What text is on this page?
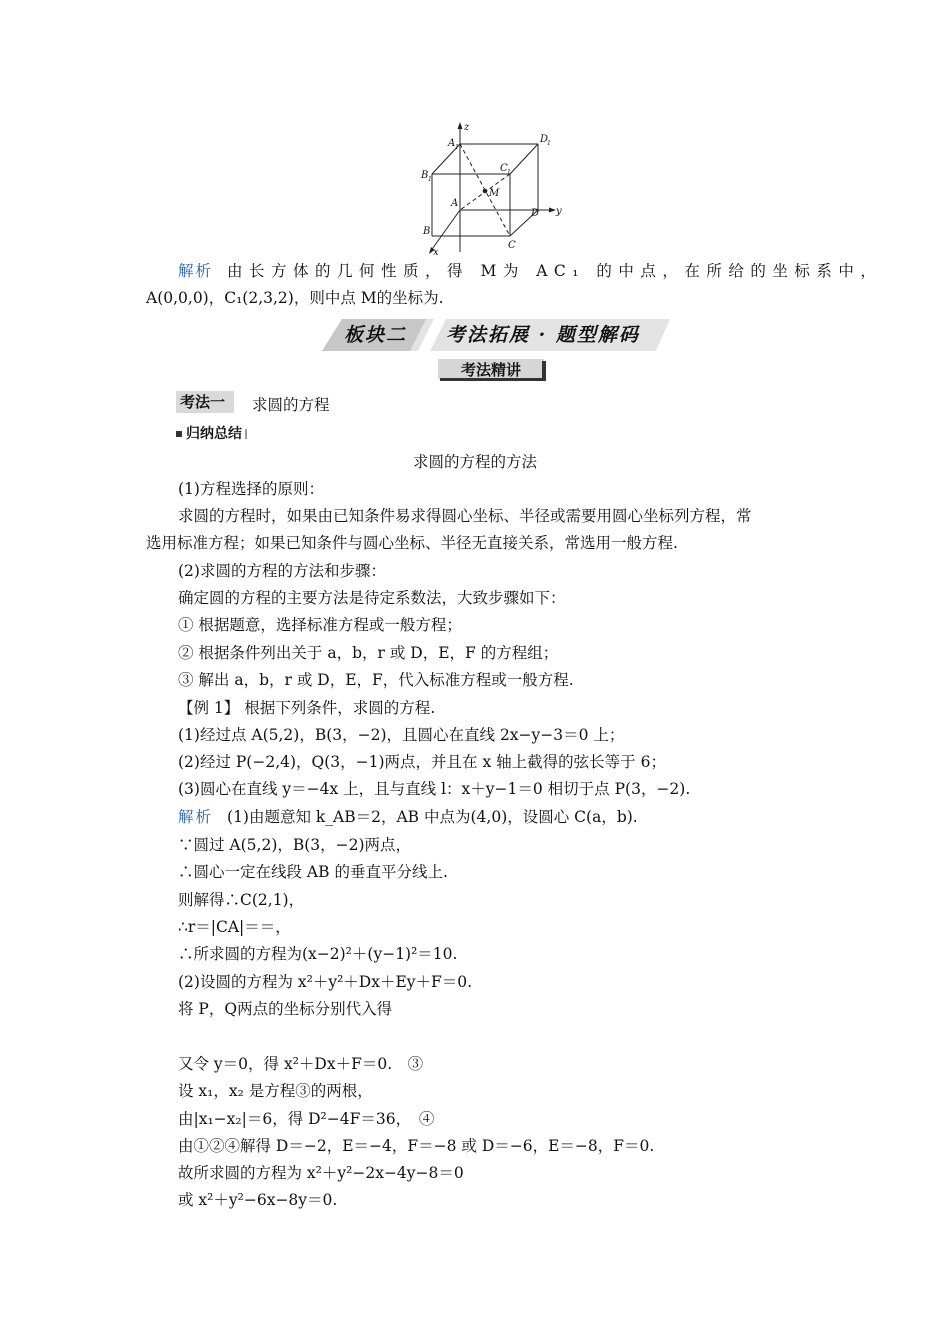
z
y
x
A 1
D
1
B 1
C 1
M
A
D
B
C
解析 由长方体的几何性质，得 M为 AC₁ 的中点，在所给的坐标系中，
A(0,0,0)，C₁(2,3,2)，则中点 M的坐标为.
板块二 考法拓展 · 题型解码
考法精讲
考法一	求圆的方程
归纳总结
求圆的方程的方法
(1)方程选择的原则：
求圆的方程时，如果由已知条件易求得圆心坐标、半径或需要用圆心坐标列方程，常
选用标准方程；如果已知条件与圆心坐标、半径无直接关系，常选用一般方程.
(2)求圆的方程的方法和步骤：
确定圆的方程的主要方法是待定系数法，大致步骤如下：
① 根据题意，选择标准方程或一般方程；
② 根据条件列出关于 a，b，r 或 D，E，F 的方程组；
③ 解出 a，b，r 或 D，E，F，代入标准方程或一般方程.
【例 1】 根据下列条件，求圆的方程.
(1)经过点 A(5,2)，B(3，−2)，且圆心在直线 2x−y−3＝0 上；
(2)经过 P(−2,4)，Q(3，−1)两点，并且在 x 轴上截得的弦长等于 6；
(3)圆心在直线 y＝−4x 上，且与直线 l：x＋y−1＝0 相切于点 P(3，−2).
解析 (1)由题意知 k_AB＝2，AB 中点为(4,0)，设圆心 C(a，b).
∵圆过 A(5,2)，B(3，−2)两点，
∴圆心一定在线段 AB 的垂直平分线上.
则解得∴C(2,1)，
∴r＝|CA|＝＝，
∴所求圆的方程为(x−2)²＋(y−1)²＝10.
(2)设圆的方程为 x²＋y²＋Dx＋Ey＋F＝0.
将 P，Q两点的坐标分别代入得
又令 y＝0，得 x²＋Dx＋F＝0.　③
设 x₁，x₂ 是方程③的两根，
由|x₁−x₂|＝6，得 D²−4F＝36，　④
由①②④解得 D＝−2，E＝−4，F＝−8 或 D＝−6，E＝−8，F＝0.
故所求圆的方程为 x²＋y²−2x−4y−8＝0
或 x²＋y²−6x−8y＝0.
